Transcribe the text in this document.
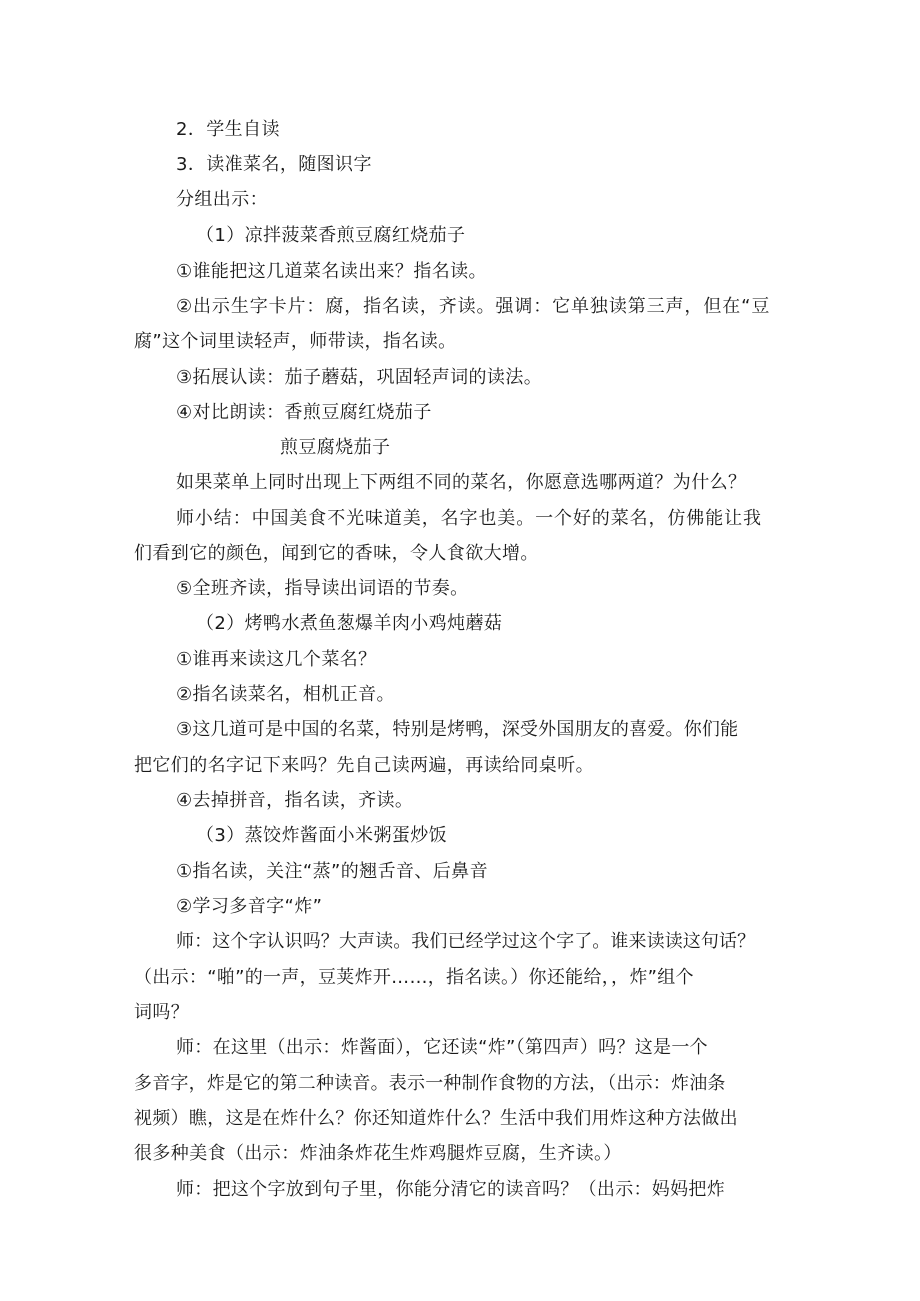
2．学生自读
3．读准菜名，随图识字
分组出示：
（1）凉拌菠菜香煎豆腐红烧茄子
①谁能把这几道菜名读出来？指名读。
②出示生字卡片：腐，指名读，齐读。强调：它单独读第三声，但在“豆
腐”这个词里读轻声，师带读，指名读。
③拓展认读：茄子蘑菇，巩固轻声词的读法。
④对比朗读：香煎豆腐红烧茄子
煎豆腐烧茄子
如果菜单上同时出现上下两组不同的菜名，你愿意选哪两道？为什么？
师小结：中国美食不光味道美，名字也美。一个好的菜名，仿佛能让我
们看到它的颜色，闻到它的香味，令人食欲大增。
⑤全班齐读，指导读出词语的节奏。
（2）烤鸭水煮鱼葱爆羊肉小鸡炖蘑菇
①谁再来读这几个菜名？
②指名读菜名，相机正音。
③这几道可是中国的名菜，特别是烤鸭，深受外国朋友的喜爱。你们能
把它们的名字记下来吗？先自己读两遍，再读给同桌听。
④去掉拼音，指名读，齐读。
（3）蒸饺炸酱面小米粥蛋炒饭
①指名读，关注“蒸”的翘舌音、后鼻音
②学习多音字“炸”
师：这个字认识吗？大声读。我们已经学过这个字了。谁来读读这句话？
（出示：“啪”的一声，豆荚炸开……，指名读。）你还能给，，炸”组个
词吗？
师：在这里（出示：炸酱面），它还读“炸”（第四声）吗？这是一个
多音字，炸是它的第二种读音。表示一种制作食物的方法，（出示：炸油条
视频）瞧，这是在炸什么？你还知道炸什么？生活中我们用炸这种方法做出
很多种美食（出示：炸油条炸花生炸鸡腿炸豆腐，生齐读。）
师：把这个字放到句子里，你能分清它的读音吗？（出示：妈妈把炸
